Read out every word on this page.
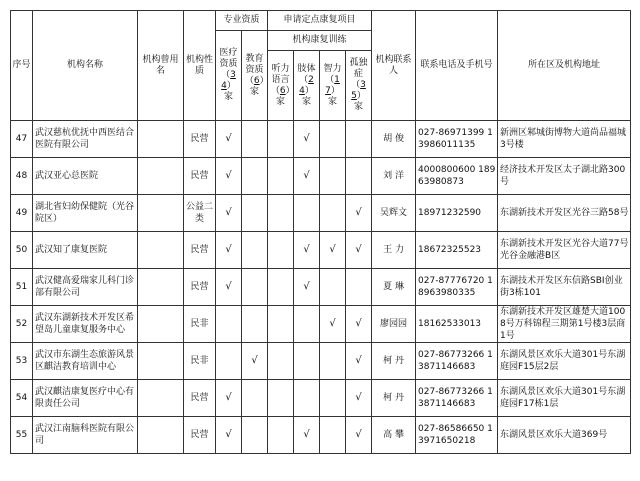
序号	机构名称	机构曾用名	机构性质	专业资质		申请定点康复项目				机构联系人	联系电话及手机号	所在区及机构地址
				医疗资质（34）家	教育资质（6）家	机构康复训练						
						听力语言（6）家	肢体（24）家	智力（17）家	孤独症（35）家			
47	武汉慈杭优抚中西医结合医院有限公司		民营	√			√			胡 俊	027-86971399 13986011135	新洲区邾城街博物大道尚品福城3号楼
48	武汉亚心总医院		民营	√			√			刘 洋	4000800600 18963980873	经济技术开发区太子湖北路300号
49	湖北省妇幼保健院（光谷院区）		公益二类	√					√	吴辉文	18971232590	东湖新技术开发区光谷三路58号
50	武汉知了康复医院		民营	√			√	√	√	王 力	18672325523	东湖新技术开发区光谷大道77号光谷金融港B区
51	武汉健高爱瑞家儿科门诊部有限公司		民营	√			√			夏 琳	027-87776720 18963980335	东湖技术开发区东信路SBI创业街3栋101
52	武汉东湖新技术开发区希望岛儿童康复服务中心		民非					√	√	廖园园	18162533013	东湖新技术开发区雄楚大道1008号万科锦程三期第1号楼3层商1号
53	武汉市东湖生态旅游风景区麒洁教育培训中心		民非		√				√	柯 丹	027-86773266 13871146683	东湖风景区欢乐大道301号东湖庭园F15层2层
54	武汉麒洁康复医疗中心有限责任公司		民营	√					√	柯 丹	027-86773266 13871146683	东湖风景区欢乐大道301号东湖庭园F17栋1层
55	武汉江南脑科医院有限公司		民营	√			√		√	高 攀	027-86586650 13971650218	东湖风景区欢乐大道369号
